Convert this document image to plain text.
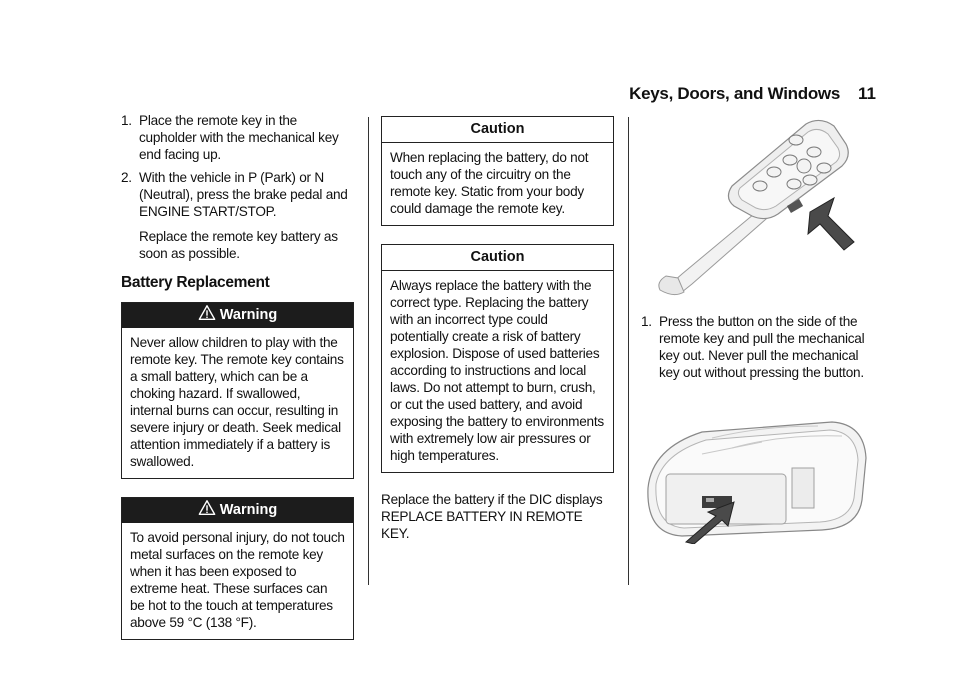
Keys, Doors, and Windows 11
1. Place the remote key in the cupholder with the mechanical key end facing up.
2. With the vehicle in P (Park) or N (Neutral), press the brake pedal and ENGINE START/STOP.

Replace the remote key battery as soon as possible.

Battery Replacement
Warning

Never allow children to play with the remote key. The remote key contains a small battery, which can be a choking hazard. If swallowed, internal burns can occur, resulting in severe injury or death. Seek medical attention immediately if a battery is swallowed.

Warning

To avoid personal injury, do not touch metal surfaces on the remote key when it has been exposed to extreme heat. These surfaces can be hot to the touch at temperatures above 59 °C (138 °F).

Caution

When replacing the battery, do not touch any of the circuitry on the remote key. Static from your body could damage the remote key.

Caution

Always replace the battery with the correct type. Replacing the battery with an incorrect type could potentially create a risk of battery explosion. Dispose of used batteries according to instructions and local laws. Do not attempt to burn, crush, or cut the used battery, and avoid exposing the battery to environments with extremely low air pressures or high temperatures.

Replace the battery if the DIC displays REPLACE BATTERY IN REMOTE KEY.

1. Press the button on the side of the remote key and pull the mechanical key out. Never pull the mechanical key out without pressing the button.
